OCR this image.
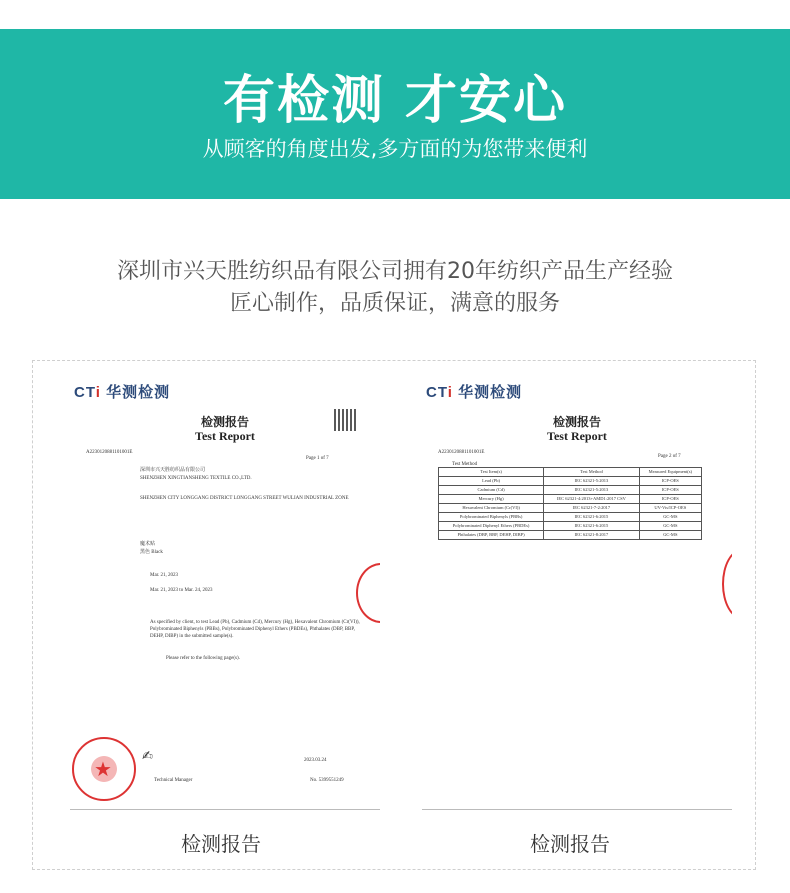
有检测 才安心
从顾客的角度出发,多方面的为您带来便利
深圳市兴天胜纺织品有限公司拥有20年纺织产品生产经验
匠心制作，品质保证，满意的服务
CTi 华测检测
检测报告
Test Report
A2230120881101001E
Page 1 of 7
深圳市兴天胜纺织品有限公司
SHENZHEN XINGTIANSHENG TEXTILE CO.,LTD.
SHENZHEN CITY LONGGANG DISTRICT LONGGANG STREET WULIAN INDUSTRIAL ZONE
魔术贴
黑色 Black
Mar. 21, 2023
Mar. 21, 2023 to Mar. 24, 2023
As specified by client, to test Lead (Pb), Cadmium (Cd), Mercury (Hg), Hexavalent Chromium (Cr(VI)), Polybrominated Biphenyls (PBBs), Polybrominated Diphenyl Ethers (PBDEs), Phthalates (DBP, BBP, DEHP, DIBP) in the submitted sample(s).
Please refer to the following page(s).
★
✍
Technical Manager
2023.03.24
No. 5399551249
CTi 华测检测
检测报告
Test Report
A2230120881101001E
Page 2 of 7
Test Method
Test Item(s)	Test Method	Measured Equipment(s)
Lead (Pb)	IEC 62321-5:2013	ICP-OES
Cadmium (Cd)	IEC 62321-5:2013	ICP-OES
Mercury (Hg)	IEC 62321-4:2013+AMD1:2017 CSV	ICP-OES
Hexavalent Chromium (Cr(VI))	IEC 62321-7-2:2017	UV-Vis/ICP-OES
Polybrominated Biphenyls (PBBs)	IEC 62321-6:2015	GC-MS
Polybrominated Diphenyl Ethers (PBDEs)	IEC 62321-6:2015	GC-MS
Phthalates (DBP, BBP, DEHP, DIBP)	IEC 62321-8:2017	GC-MS
检测报告	检测报告
